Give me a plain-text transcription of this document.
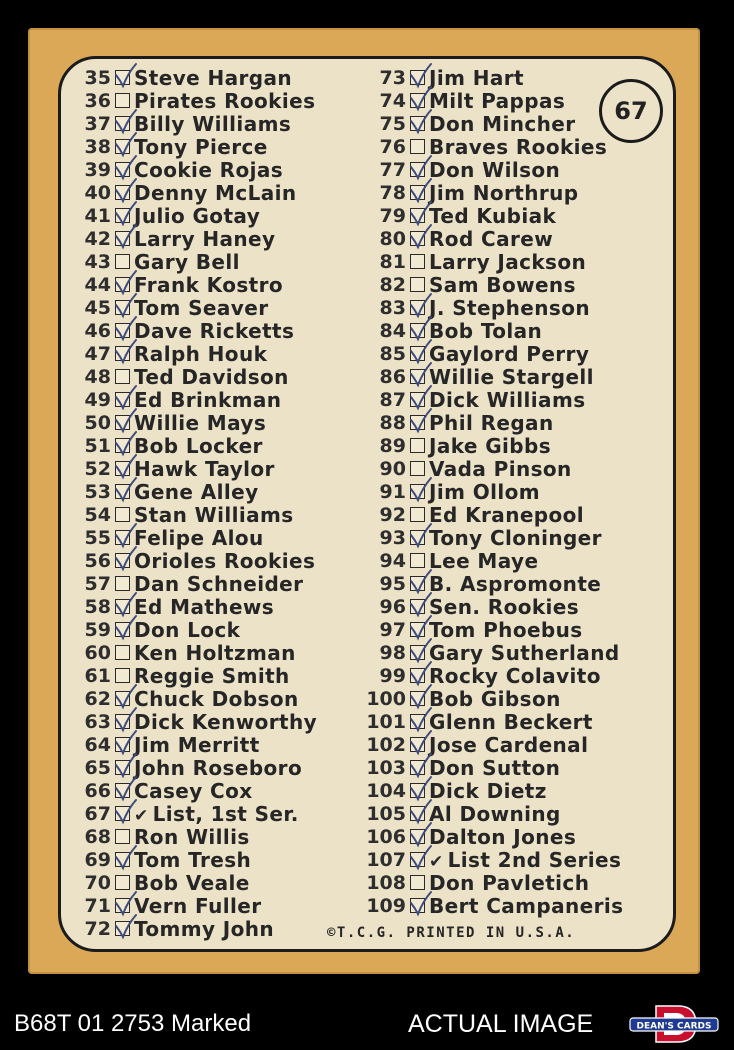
35 Steve Hargan
36 Pirates Rookies
37 Billy Williams
38 Tony Pierce
39 Cookie Rojas
40 Denny McLain
41 Julio Gotay
42 Larry Haney
43 Gary Bell
44 Frank Kostro
45 Tom Seaver
46 Dave Ricketts
47 Ralph Houk
48 Ted Davidson
49 Ed Brinkman
50 Willie Mays
51 Bob Locker
52 Hawk Taylor
53 Gene Alley
54 Stan Williams
55 Felipe Alou
56 Orioles Rookies
57 Dan Schneider
58 Ed Mathews
59 Don Lock
60 Ken Holtzman
61 Reggie Smith
62 Chuck Dobson
63 Dick Kenworthy
64 Jim Merritt
65 John Roseboro
66 Casey Cox
67 ✔ List, 1st Ser.
68 Ron Willis
69 Tom Tresh
70 Bob Veale
71 Vern Fuller
72 Tommy John
73 Jim Hart
74 Milt Pappas
75 Don Mincher
76 Braves Rookies
77 Don Wilson
78 Jim Northrup
79 Ted Kubiak
80 Rod Carew
81 Larry Jackson
82 Sam Bowens
83 J. Stephenson
84 Bob Tolan
85 Gaylord Perry
86 Willie Stargell
87 Dick Williams
88 Phil Regan
89 Jake Gibbs
90 Vada Pinson
91 Jim Ollom
92 Ed Kranepool
93 Tony Cloninger
94 Lee Maye
95 B. Aspromonte
96 Sen. Rookies
97 Tom Phoebus
98 Gary Sutherland
99 Rocky Colavito
100 Bob Gibson
101 Glenn Beckert
102 Jose Cardenal
103 Don Sutton
104 Dick Dietz
105 Al Downing
106 Dalton Jones
107 ✔ List 2nd Series
108 Don Pavletich
109 Bert Campaneris
67
©T.C.G. PRINTED IN U.S.A.
B68T 01 2753 Marked	ACTUAL IMAGE	DEAN'S CARDS
